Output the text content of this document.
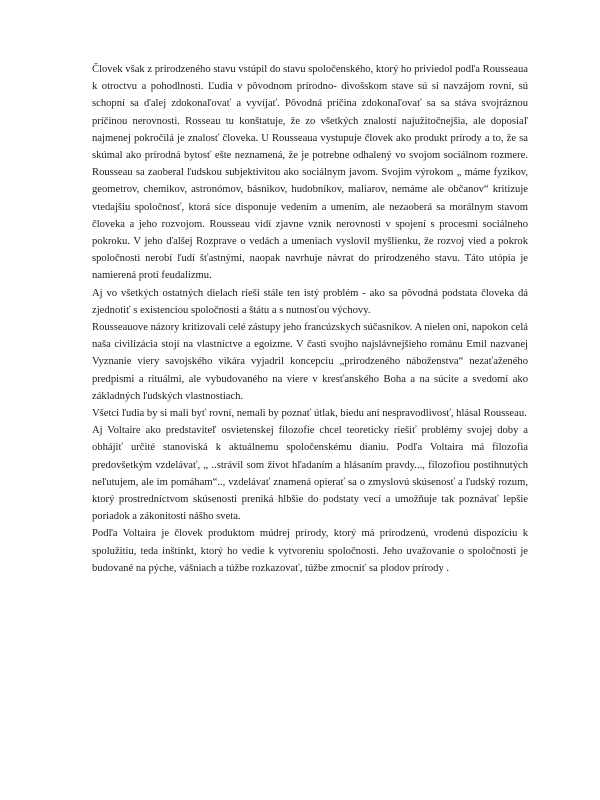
Človek však z prirodzeného stavu vstúpil do stavu spoločenského, ktorý ho priviedol podľa Rousseaua k otroctvu a pohodlnosti. Ľudia v pôvodnom prírodno- divošskom stave sú si navzájom rovní, sú schopní sa ďalej zdokonaľovať a vyvíjať. Pôvodná príčina zdokonaľovať sa sa stáva svojráznou príčinou nerovnosti. Rosseau tu konštatuje, že zo všetkých znalostí najužitočnejšia, ale doposiaľ najmenej pokročilá je znalosť človeka. U Rousseaua vystupuje človek ako produkt prírody a to, že sa skúmal ako prírodná bytosť ešte neznamená, že je potrebne odhalený vo svojom sociálnom rozmere. Rousseau sa zaoberal ľudskou subjektivitou ako sociálnym javom. Svojim výrokom „ máme fyzikov, geometrov, chemikov, astronómov, básnikov, hudobníkov, maliarov, nemáme ale občanov“ kritizuje vtedajšiu spoločnosť, ktorá síce disponuje vedením a umením, ale nezaoberá sa morálnym stavom človeka a jeho rozvojom. Rousseau vidí zjavne vznik nerovnosti v spojení s procesmi sociálneho pokroku. V jeho ďalšej Rozprave o vedách a umeniach vyslovil myšlienku, že rozvoj vied a pokrok spoločnosti nerobí ľudí šťastnými, naopak navrhuje návrat do prirodzeného stavu. Táto utópia je namierená proti feudalizmu.

Aj vo všetkých ostatných dielach rieši stále ten istý problém - ako sa pôvodná podstata človeka dá zjednotiť s existenciou spoločnosti a štátu a s nutnosťou výchovy.

Rousseauove názory kritizovali celé zástupy jeho francúzskych súčasníkov. A nielen oni, napokon celá naša civilizácia stojí na vlastníctve a egoizme. V časti svojho najslávnejšieho románu Emil nazvanej Vyznanie viery savojského vikára vyjadril koncepciu „prirodzeného náboženstva“ nezaťaženého predpismi a rituálmi, ale vybudovaného na viere v kresťanského Boha a na súcite a svedomí ako základných ľudských vlastnostiach.

Všetci ľudia by si mali byť rovní, nemali by poznať útlak, biedu ani nespravodlivosť, hlásal Rousseau.

Aj Voltaire ako predstaviteľ osvietenskej filozofie chcel teoreticky riešiť problémy svojej doby a obhájiť určité stanoviská k aktuálnemu spoločenskému dianiu. Podľa Voltaira má filozofia predovšetkým vzdelávať, „ ..strávil som život hľadaním a hlásaním pravdy..., filozofiou postihnutých neľutujem, ale im pomáham“.., vzdelávať znamená opierať sa o zmyslovú skúsenosť a ľudský rozum, ktorý prostredníctvom skúsenosti preniká hlbšie do podstaty vecí a umožňuje tak poznávať lepšie poriadok a zákonitosti nášho sveta.

Podľa Voltaira je človek produktom múdrej prírody, ktorý má prirodzenú, vrodenú dispozíciu k spolužitiu, teda inštinkt, ktorý ho vedie k vytvoreniu spoločnosti. Jeho uvažovanie o spoločnosti je budované na pýche, vášniach a túžbe rozkazovať, túžbe zmocniť sa plodov prírody .
